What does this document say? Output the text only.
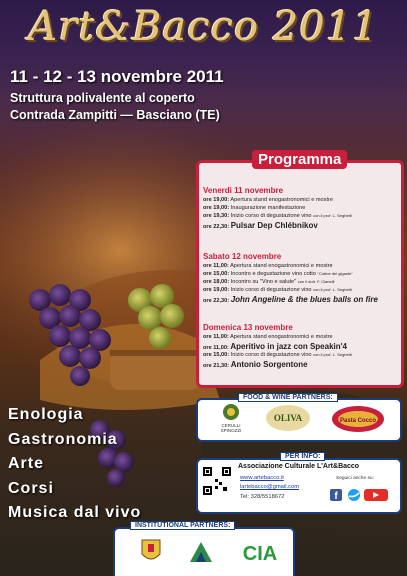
Art&Bacco 2011
11 - 12 - 13 novembre 2011
Struttura polivalente al coperto
Contrada Zampitti — Basciano (TE)
Programma
Venerdì 11 novembre
ore 19,00: Apertura stand enogastronomici e mostre
ore 19,00: Inaugurazione manifestazione
ore 19,30: Inizio corso di degustazione vino con il prof. L. Seghetti
ore 22,30: Pulsar Dep Chlébnikov
Sabato 12 novembre
ore 11,00: Apertura stand enogastronomici e mostre
ore 15,00: Incontro e degustazione vino cotto "Cottoe del gigante"
ore 18,00: Incontro su "Vino e salute" con il dott. F. Cianelli
ore 19,00: Inizio corso di degustazione vino con il prof. L. Seghetti
ore 22,30: John Angeline & the blues balls on fire
Domenica 13 novembre
ore 11,00: Apertura stand enogastronomici e mostre
ore 11,00: Aperitivo in jazz con Speakin'4
ore 15,00: Inizio corso di degustazione vino con il prof. L. Seghetti
ore 21,30: Antonio Sorgentone
Enologia
Gastronomia
Arte
Corsi
Musica dal vivo
FOOD & WINE PARTNERS:
CERULLI SPINOZZI
OLIVA	Pasta Cocco
PER INFO:
Associazione Culturale L'Art&Bacco
www.artebacco.it
lartebacco@gmail.com
Tel: 328/5518672
Seguici anche su:
f
INSTITUTIONAL PARTNERS:
CIA
